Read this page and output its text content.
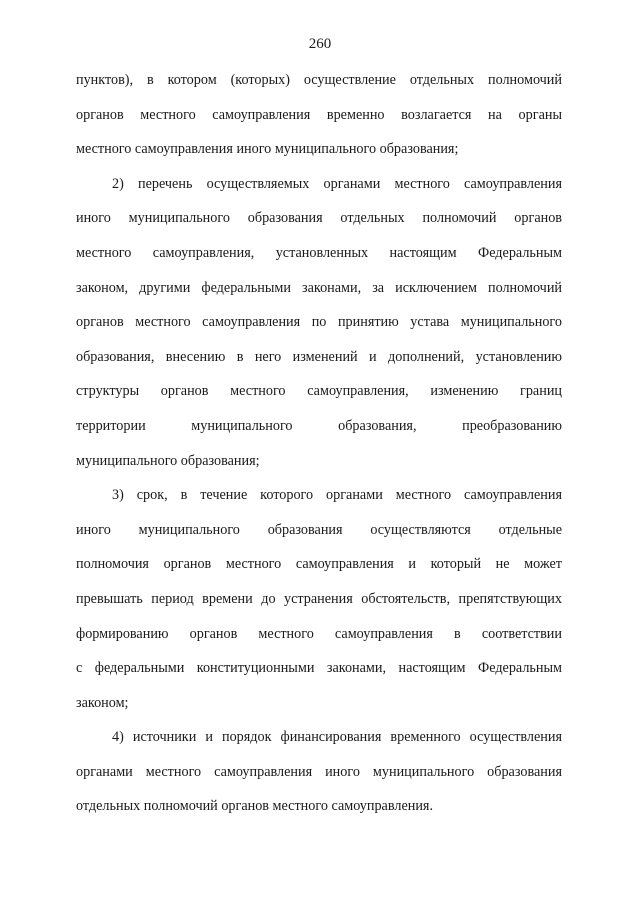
260
пунктов), в котором (которых) осуществление отдельных полномочий
органов местного самоуправления временно возлагается на органы
местного самоуправления иного муниципального образования;
2) перечень осуществляемых органами местного самоуправления
иного муниципального образования отдельных полномочий органов
местного самоуправления, установленных настоящим Федеральным
законом, другими федеральными законами, за исключением полномочий
органов местного самоуправления по принятию устава муниципального
образования, внесению в него изменений и дополнений, установлению
структуры органов местного самоуправления, изменению границ
территории муниципального образования, преобразованию
муниципального образования;
3) срок, в течение которого органами местного самоуправления
иного муниципального образования осуществляются отдельные
полномочия органов местного самоуправления и который не может
превышать период времени до устранения обстоятельств, препятствующих
формированию органов местного самоуправления в соответствии
с федеральными конституционными законами, настоящим Федеральным
законом;
4) источники и порядок финансирования временного осуществления
органами местного самоуправления иного муниципального образования
отдельных полномочий органов местного самоуправления.
